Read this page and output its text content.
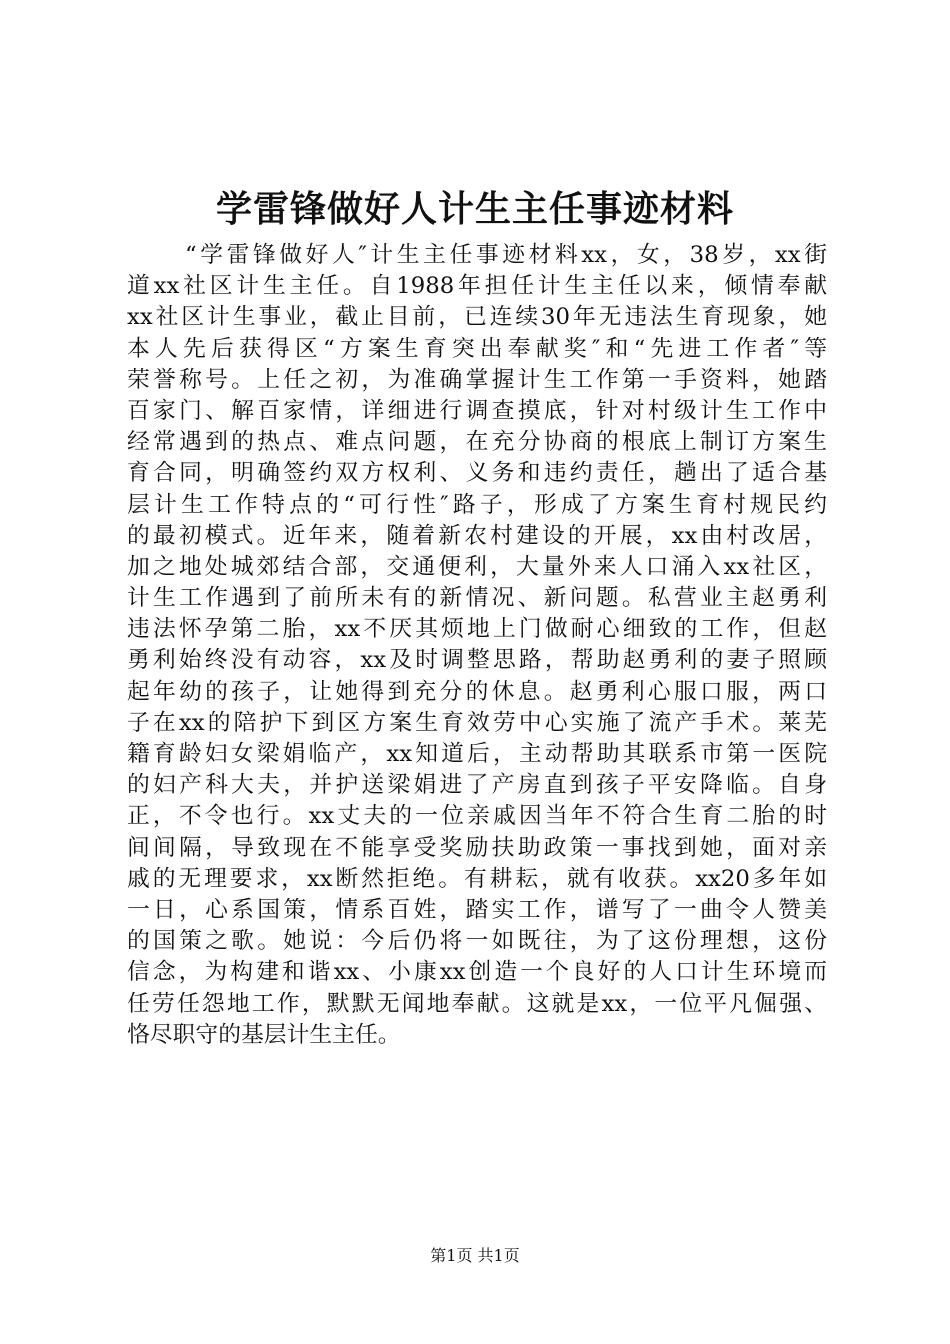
学雷锋做好人计生主任事迹材料
“学雷锋做好人″计生主任事迹材料xx，女，38岁，xx街
道xx社区计生主任。自1988年担任计生主任以来，倾情奉献
xx社区计生事业，截止目前，已连续30年无违法生育现象，她
本人先后获得区“方案生育突出奉献奖″和“先进工作者″等
荣誉称号。上任之初，为准确掌握计生工作第一手资料，她踏
百家门、解百家情，详细进行调查摸底，针对村级计生工作中
经常遇到的热点、难点问题，在充分协商的根底上制订方案生
育合同，明确签约双方权利、义务和违约责任，趟出了适合基
层计生工作特点的“可行性″路子，形成了方案生育村规民约
的最初模式。近年来，随着新农村建设的开展，xx由村改居，
加之地处城郊结合部，交通便利，大量外来人口涌入xx社区，
计生工作遇到了前所未有的新情况、新问题。私营业主赵勇利
违法怀孕第二胎，xx不厌其烦地上门做耐心细致的工作，但赵
勇利始终没有动容，xx及时调整思路，帮助赵勇利的妻子照顾
起年幼的孩子，让她得到充分的休息。赵勇利心服口服，两口
子在xx的陪护下到区方案生育效劳中心实施了流产手术。莱芜
籍育龄妇女梁娟临产，xx知道后，主动帮助其联系市第一医院
的妇产科大夫，并护送梁娟进了产房直到孩子平安降临。自身
正，不令也行。xx丈夫的一位亲戚因当年不符合生育二胎的时
间间隔，导致现在不能享受奖励扶助政策一事找到她，面对亲
戚的无理要求，xx断然拒绝。有耕耘，就有收获。xx20多年如
一日，心系国策，情系百姓，踏实工作，谱写了一曲令人赞美
的国策之歌。她说：今后仍将一如既往，为了这份理想，这份
信念，为构建和谐xx、小康xx创造一个良好的人口计生环境而
任劳任怨地工作，默默无闻地奉献。这就是xx，一位平凡倔强、
恪尽职守的基层计生主任。
第1页 共1页
